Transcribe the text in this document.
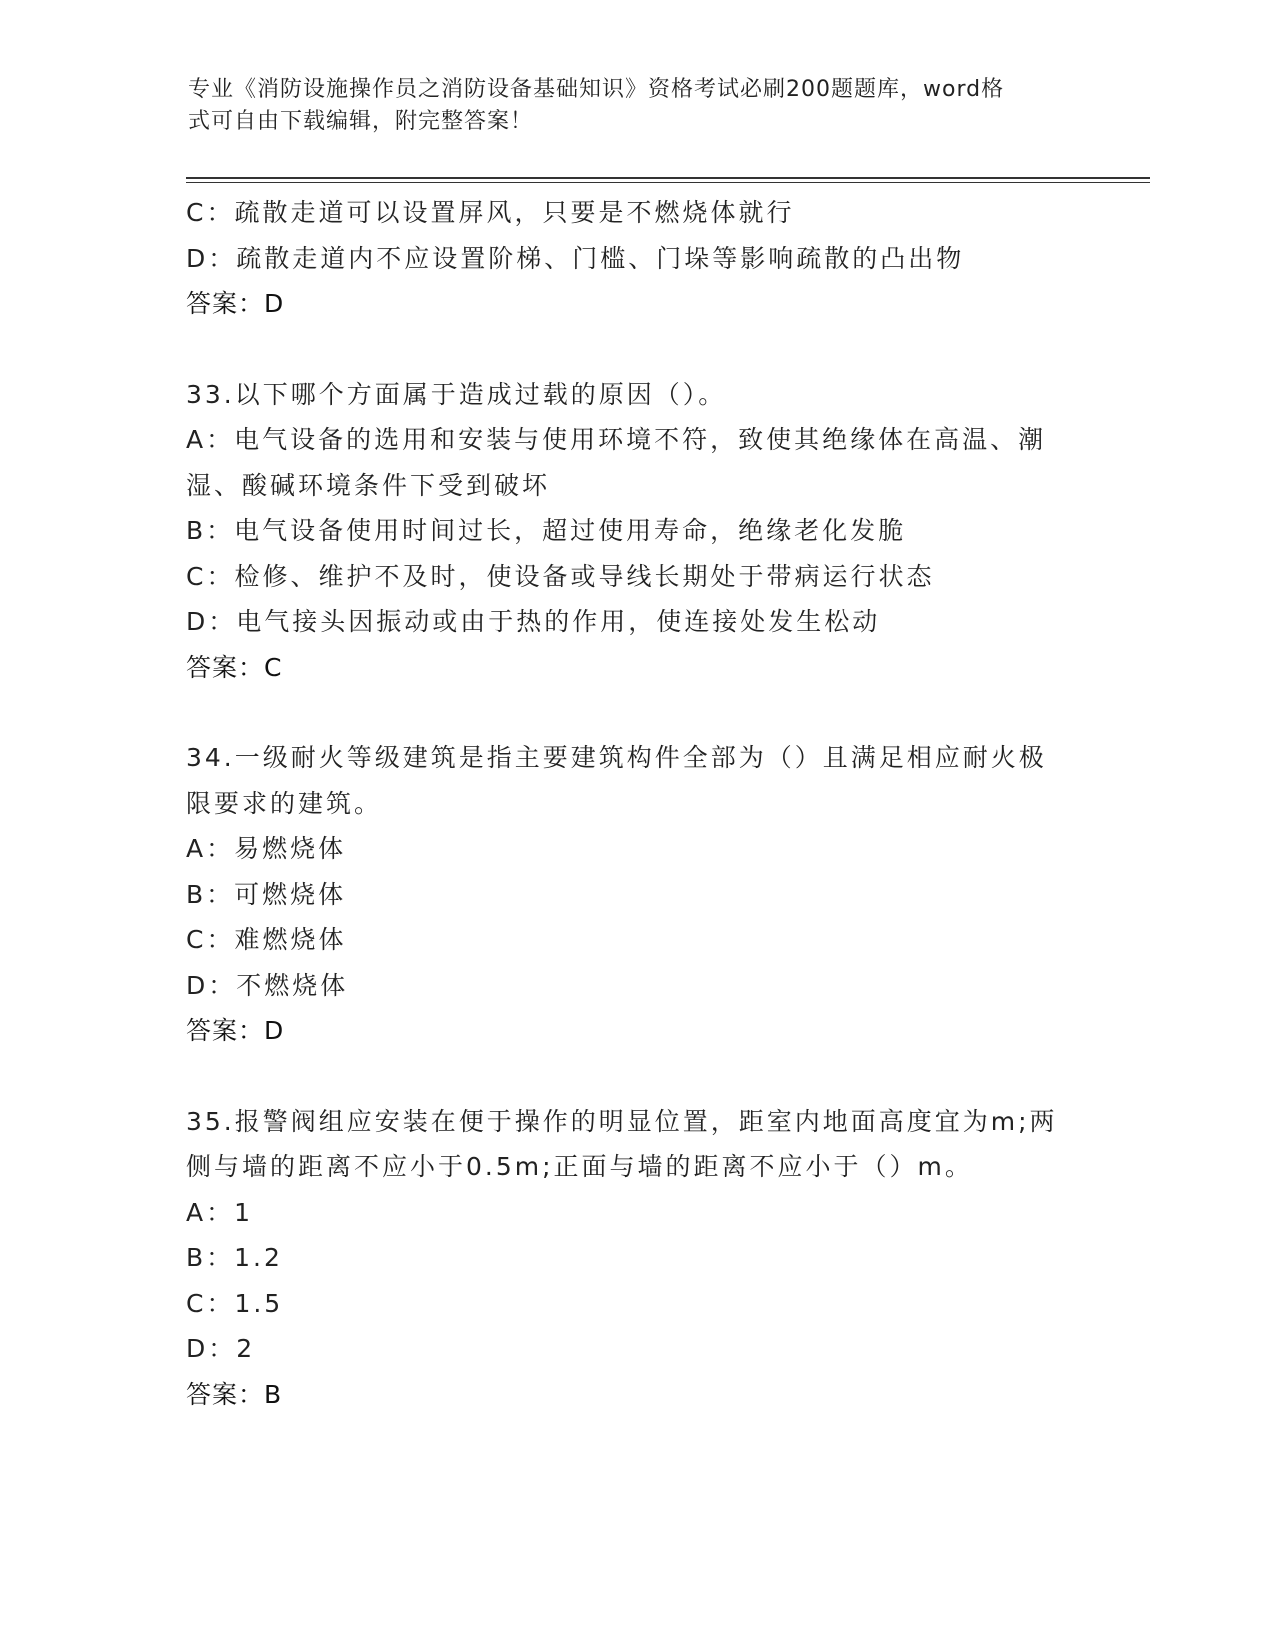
专业《消防设施操作员之消防设备基础知识》资格考试必刷200题题库，word格
式可自由下载编辑，附完整答案！
C：疏散走道可以设置屏风，只要是不燃烧体就行
D：疏散走道内不应设置阶梯、门槛、门垛等影响疏散的凸出物
答案：D
33.以下哪个方面属于造成过载的原因（）。
A：电气设备的选用和安装与使用环境不符，致使其绝缘体在高温、潮
湿、酸碱环境条件下受到破坏
B：电气设备使用时间过长，超过使用寿命，绝缘老化发脆
C：检修、维护不及时，使设备或导线长期处于带病运行状态
D：电气接头因振动或由于热的作用，使连接处发生松动
答案：C
34.一级耐火等级建筑是指主要建筑构件全部为（）且满足相应耐火极
限要求的建筑。
A：易燃烧体
B：可燃烧体
C：难燃烧体
D：不燃烧体
答案：D
35.报警阀组应安装在便于操作的明显位置，距室内地面高度宜为m;两
侧与墙的距离不应小于0.5m;正面与墙的距离不应小于（）m。
A：1
B：1.2
C：1.5
D：2
答案：B
